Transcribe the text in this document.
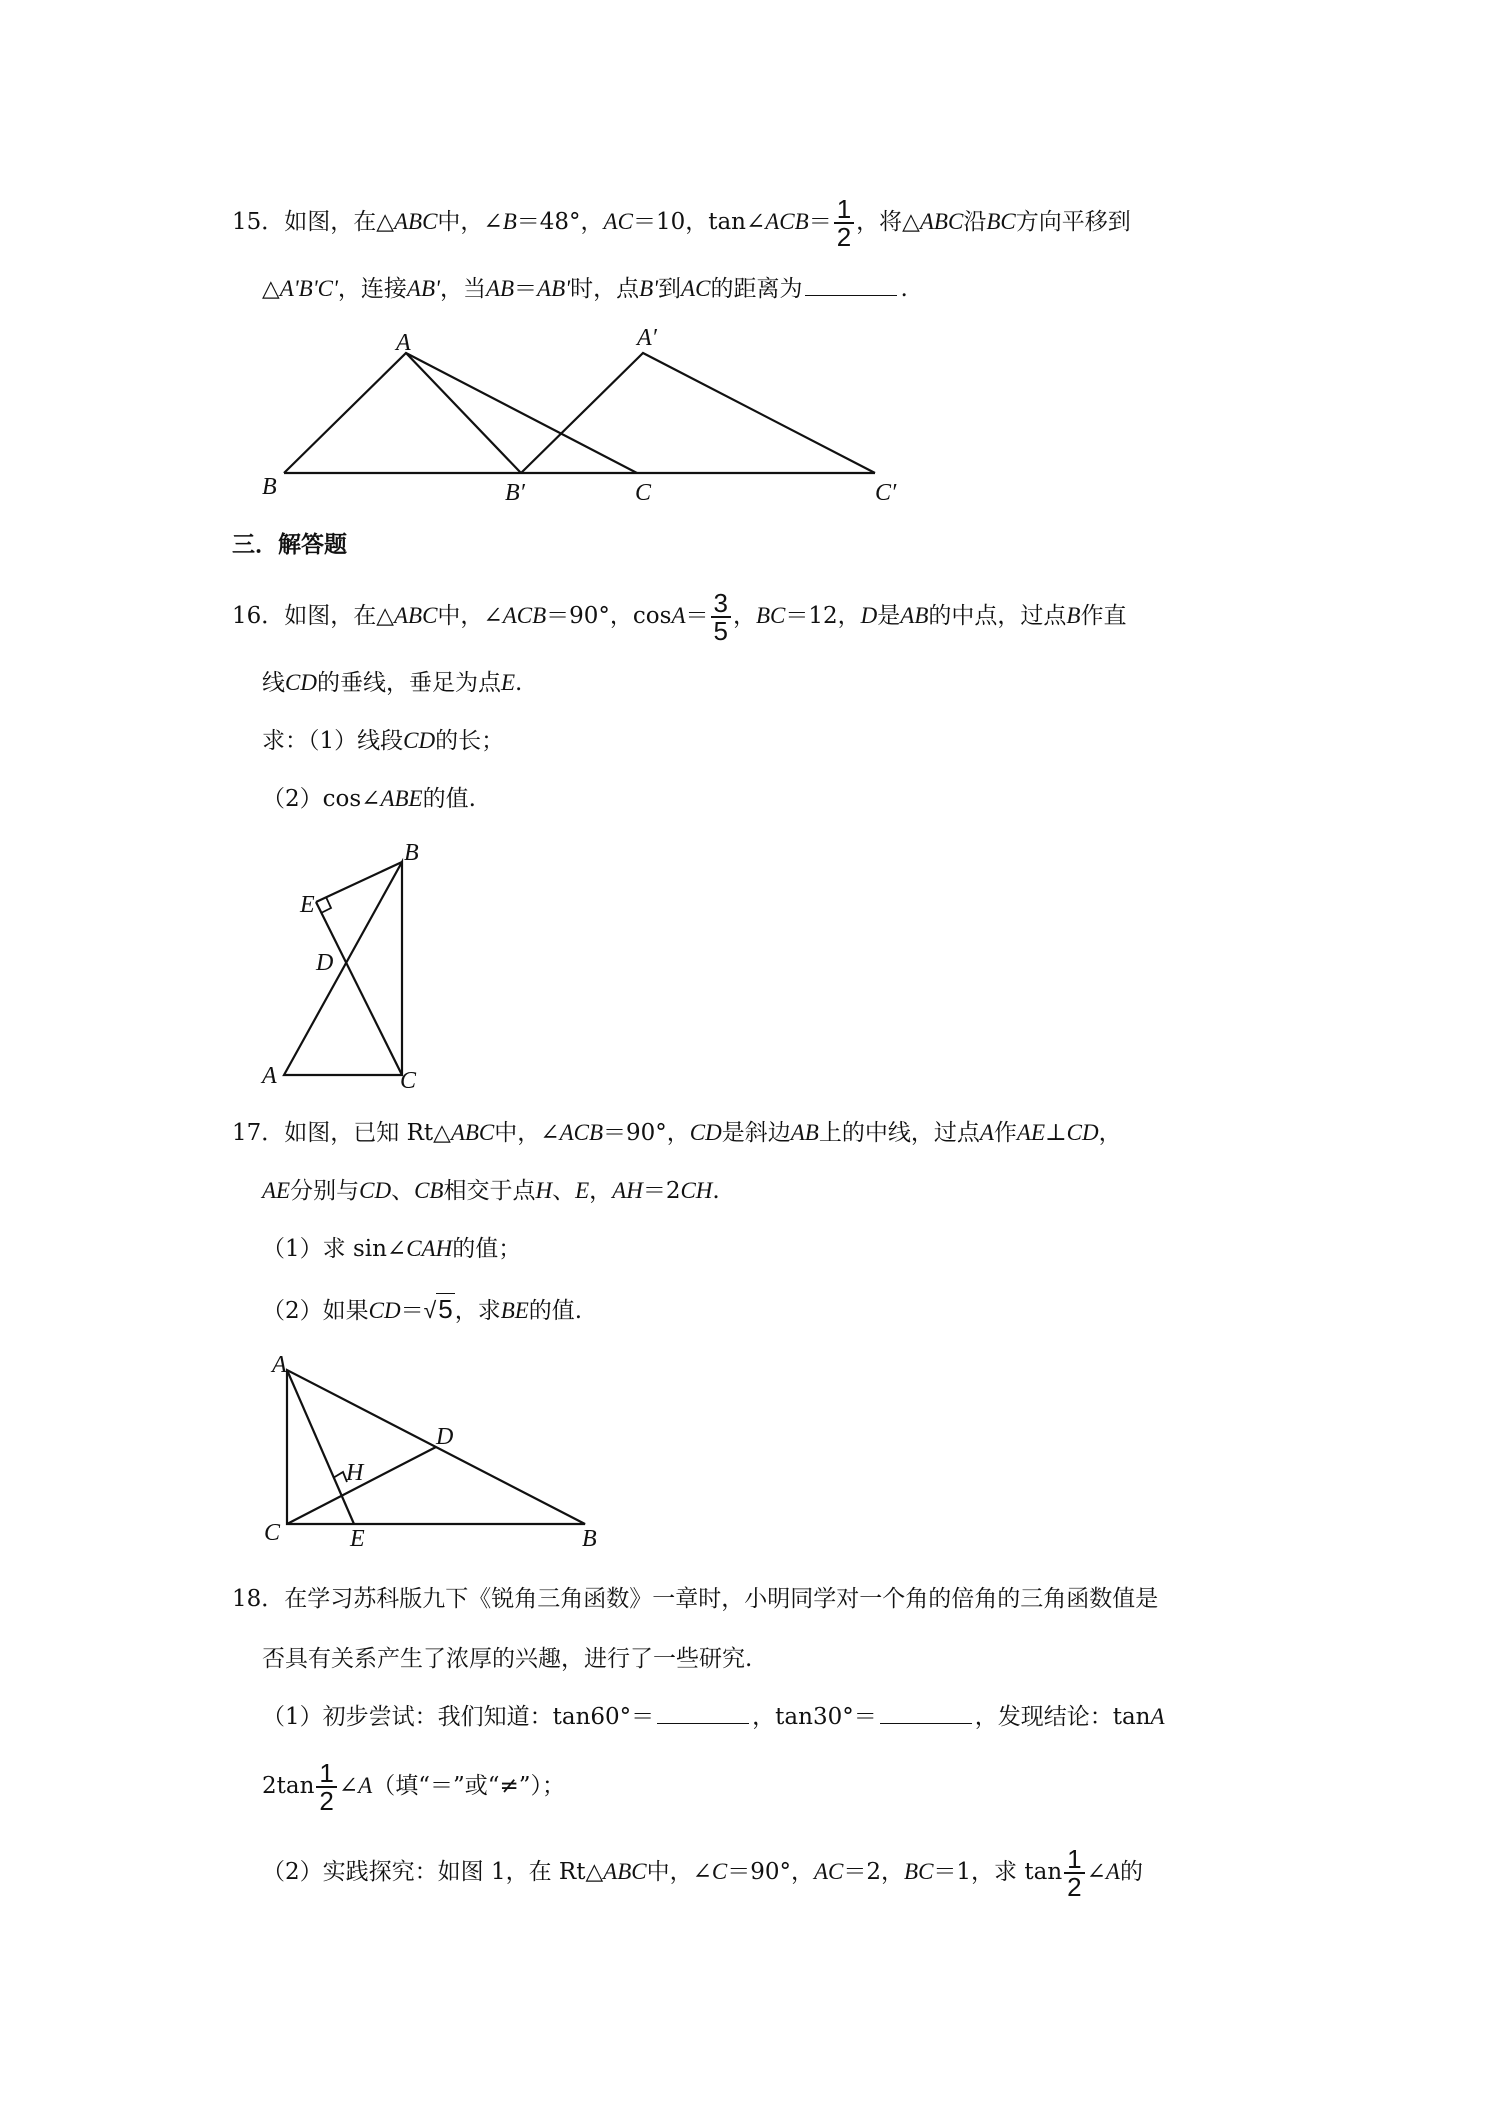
15．如图，在△ABC中，∠B＝48°，AC＝10，tan∠ACB＝ $\frac{1}{2}$ ，将△ABC沿BC方向平移到
△A'B'C'，连接AB'，当AB＝AB'时，点B'到AC的距离为	.
A	A′
B	B′	C	C′
三．解答题
16．如图，在△ABC中，∠ACB＝90°，$\cos A= \frac{3}{5}$ ，BC＝12，D是AB的中点，过点B作直
线CD的垂线，垂足为点E.
求：（1）线段CD的长；
（2）cos∠ABE的值.
B
E
D
A	C
17．如图，已知 Rt△ABC中，∠ACB＝90°，CD是斜边AB上的中线，过点A作AE⊥CD，
AE分别与CD、CB相交于点H、E，AH＝2CH.
（1）求 sin∠CAH的值；
（2）如果CD＝√5，求BE的值.
A
D
H
C	E	B
18．在学习苏科版九下《锐角三角函数》一章时，小明同学对一个角的倍角的三角函数值是
否具有关系产生了浓厚的兴趣，进行了一些研究.
（1）初步尝试：我们知道：tan60°＝	，tan30°＝	，发现结论：tanA
$2\tan \frac{1}{2}$ ∠A（填“＝”或“≠”）；
（2）实践探究：如图 1，在 Rt△ABC中，∠C＝90°，AC＝2，BC＝1，求 $\tan \frac{1}{2}$ ∠A的
